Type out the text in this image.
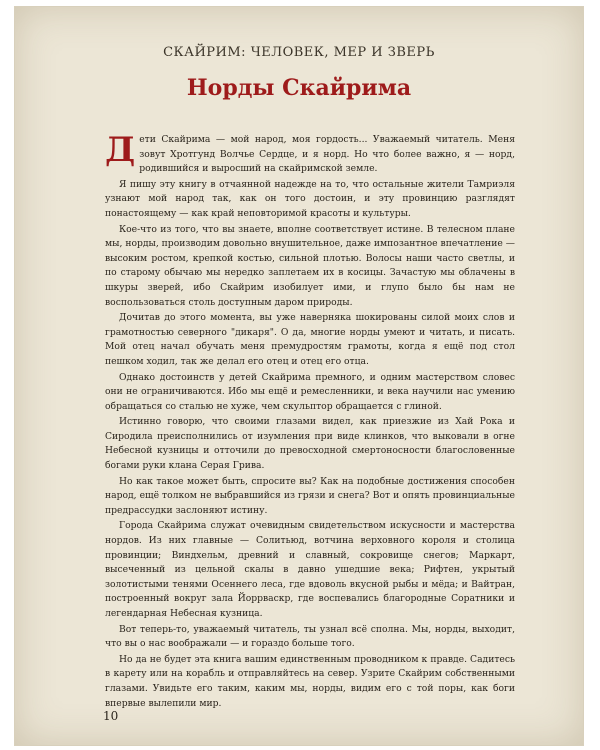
СКАЙРИМ: ЧЕЛОВЕК, МЕР И ЗВЕРЬ
Норды Скайрима

Дети Скайрима — мой народ, моя гордость... Уважаемый читатель. Меня зовут Хротгунд Волчье Сердце, и я норд. Но что более важно, я — норд, родившийся и выросший на скайримской земле.

Я пишу эту книгу в отчаянной надежде на то, что остальные жители Тамриэля узнают мой народ так, как он того достоин, и эту провинцию разглядят понастоящему — как край неповторимой красоты и культуры.

Кое-что из того, что вы знаете, вполне соответствует истине. В телесном плане мы, норды, производим довольно внушительное, даже импозантное впечатление — высоким ростом, крепкой костью, сильной плотью. Волосы наши часто светлы, и по старому обычаю мы нередко заплетаем их в косицы. Зачастую мы облачены в шкуры зверей, ибо Скайрим изобилует ими, и глупо было бы нам не воспользоваться столь доступным даром природы.

Дочитав до этого момента, вы уже наверняка шокированы силой моих слов и грамотностью северного "дикаря". О да, многие норды умеют и читать, и писать. Мой отец начал обучать меня премудростям грамоты, когда я ещё под стол пешком ходил, так же делал его отец и отец его отца.

Однако достоинств у детей Скайрима премного, и одним мастерством словес они не ограничиваются. Ибо мы ещё и ремесленники, и века научили нас умению обращаться со сталью не хуже, чем скульптор обращается с глиной.

Истинно говорю, что своими глазами видел, как приезжие из Хай Рока и Сиродила преисполнились от изумления при виде клинков, что выковали в огне Небесной кузницы и отточили до превосходной смертоносности благословенные богами руки клана Серая Грива.

Но как такое может быть, спросите вы? Как на подобные достижения способен народ, ещё толком не выбравшийся из грязи и снега? Вот и опять провинциальные предрассудки заслоняют истину.

Города Скайрима служат очевидным свидетельством искусности и мастерства нордов. Из них главные — Солитьюд, вотчина верховного короля и столица провинции; Виндхельм, древний и славный, сокровище снегов; Маркарт, высеченный из цельной скалы в давно ушедшие века; Рифтен, укрытый золотистыми тенями Осеннего леса, где вдоволь вкусной рыбы и мёда; и Вайтран, построенный вокруг зала Йоррваскр, где воспевались благородные Соратники и легендарная Небесная кузница.

Вот теперь-то, уважаемый читатель, ты узнал всё сполна. Мы, норды, выходит, что вы о нас воображали — и гораздо больше того.

Но да не будет эта книга вашим единственным проводником к правде. Садитесь в карету или на корабль и отправляйтесь на север. Узрите Скайрим собственными глазами. Увидьте его таким, каким мы, норды, видим его с той поры, как боги впервые вылепили мир.

10
